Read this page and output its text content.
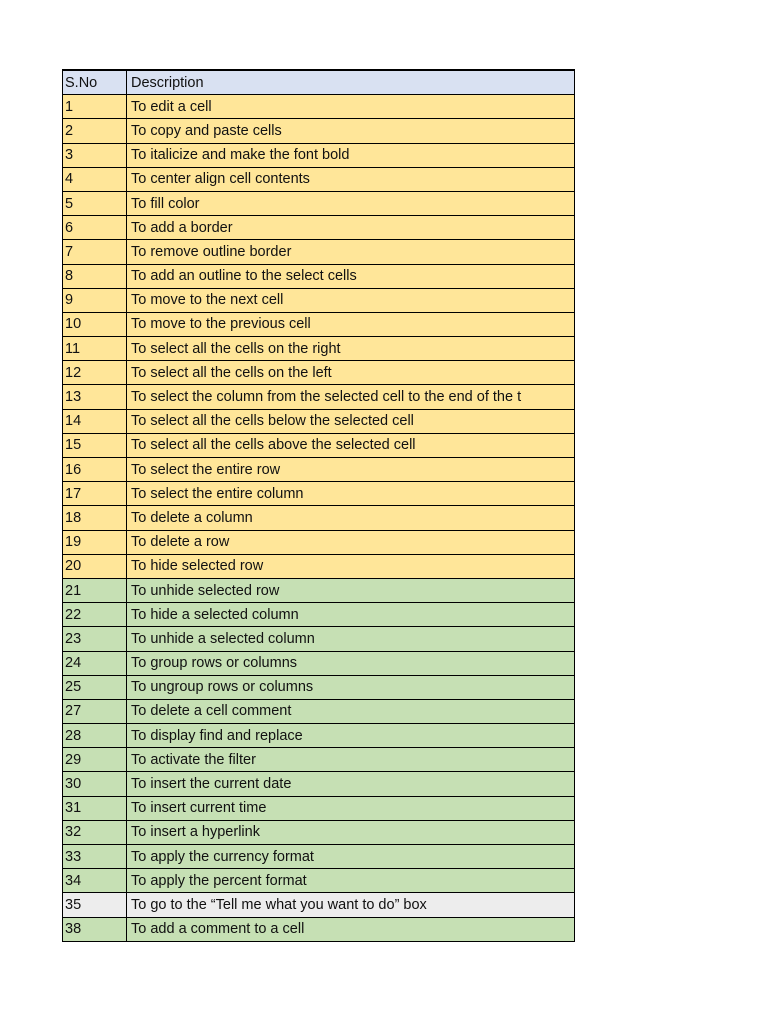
S.No	Description
1	To edit a cell
2	To copy and paste cells
3	To italicize and make the font bold
4	To center align cell contents
5	To fill color
6	To add a border
7	To remove outline border
8	To add an outline to the select cells
9	To move to the next cell
10	To move to the previous cell
11	To select all the cells on the right
12	To select all the cells on the left
13	To select the column from the selected cell to the end of the t
14	To select all the cells below the selected cell
15	To select all the cells above the selected cell
16	To select the entire row
17	To select the entire column
18	To delete a column
19	To delete a row
20	To hide selected row
21	To unhide selected row
22	To hide a selected column
23	To unhide a selected column
24	To group rows or columns
25	To ungroup rows or columns
27	To delete a cell comment
28	To display find and replace
29	To activate the filter
30	To insert the current date
31	To insert current time
32	To insert a hyperlink
33	To apply the currency format
34	To apply the percent format
35	To go to the “Tell me what you want to do” box
38	To add a comment to a cell
